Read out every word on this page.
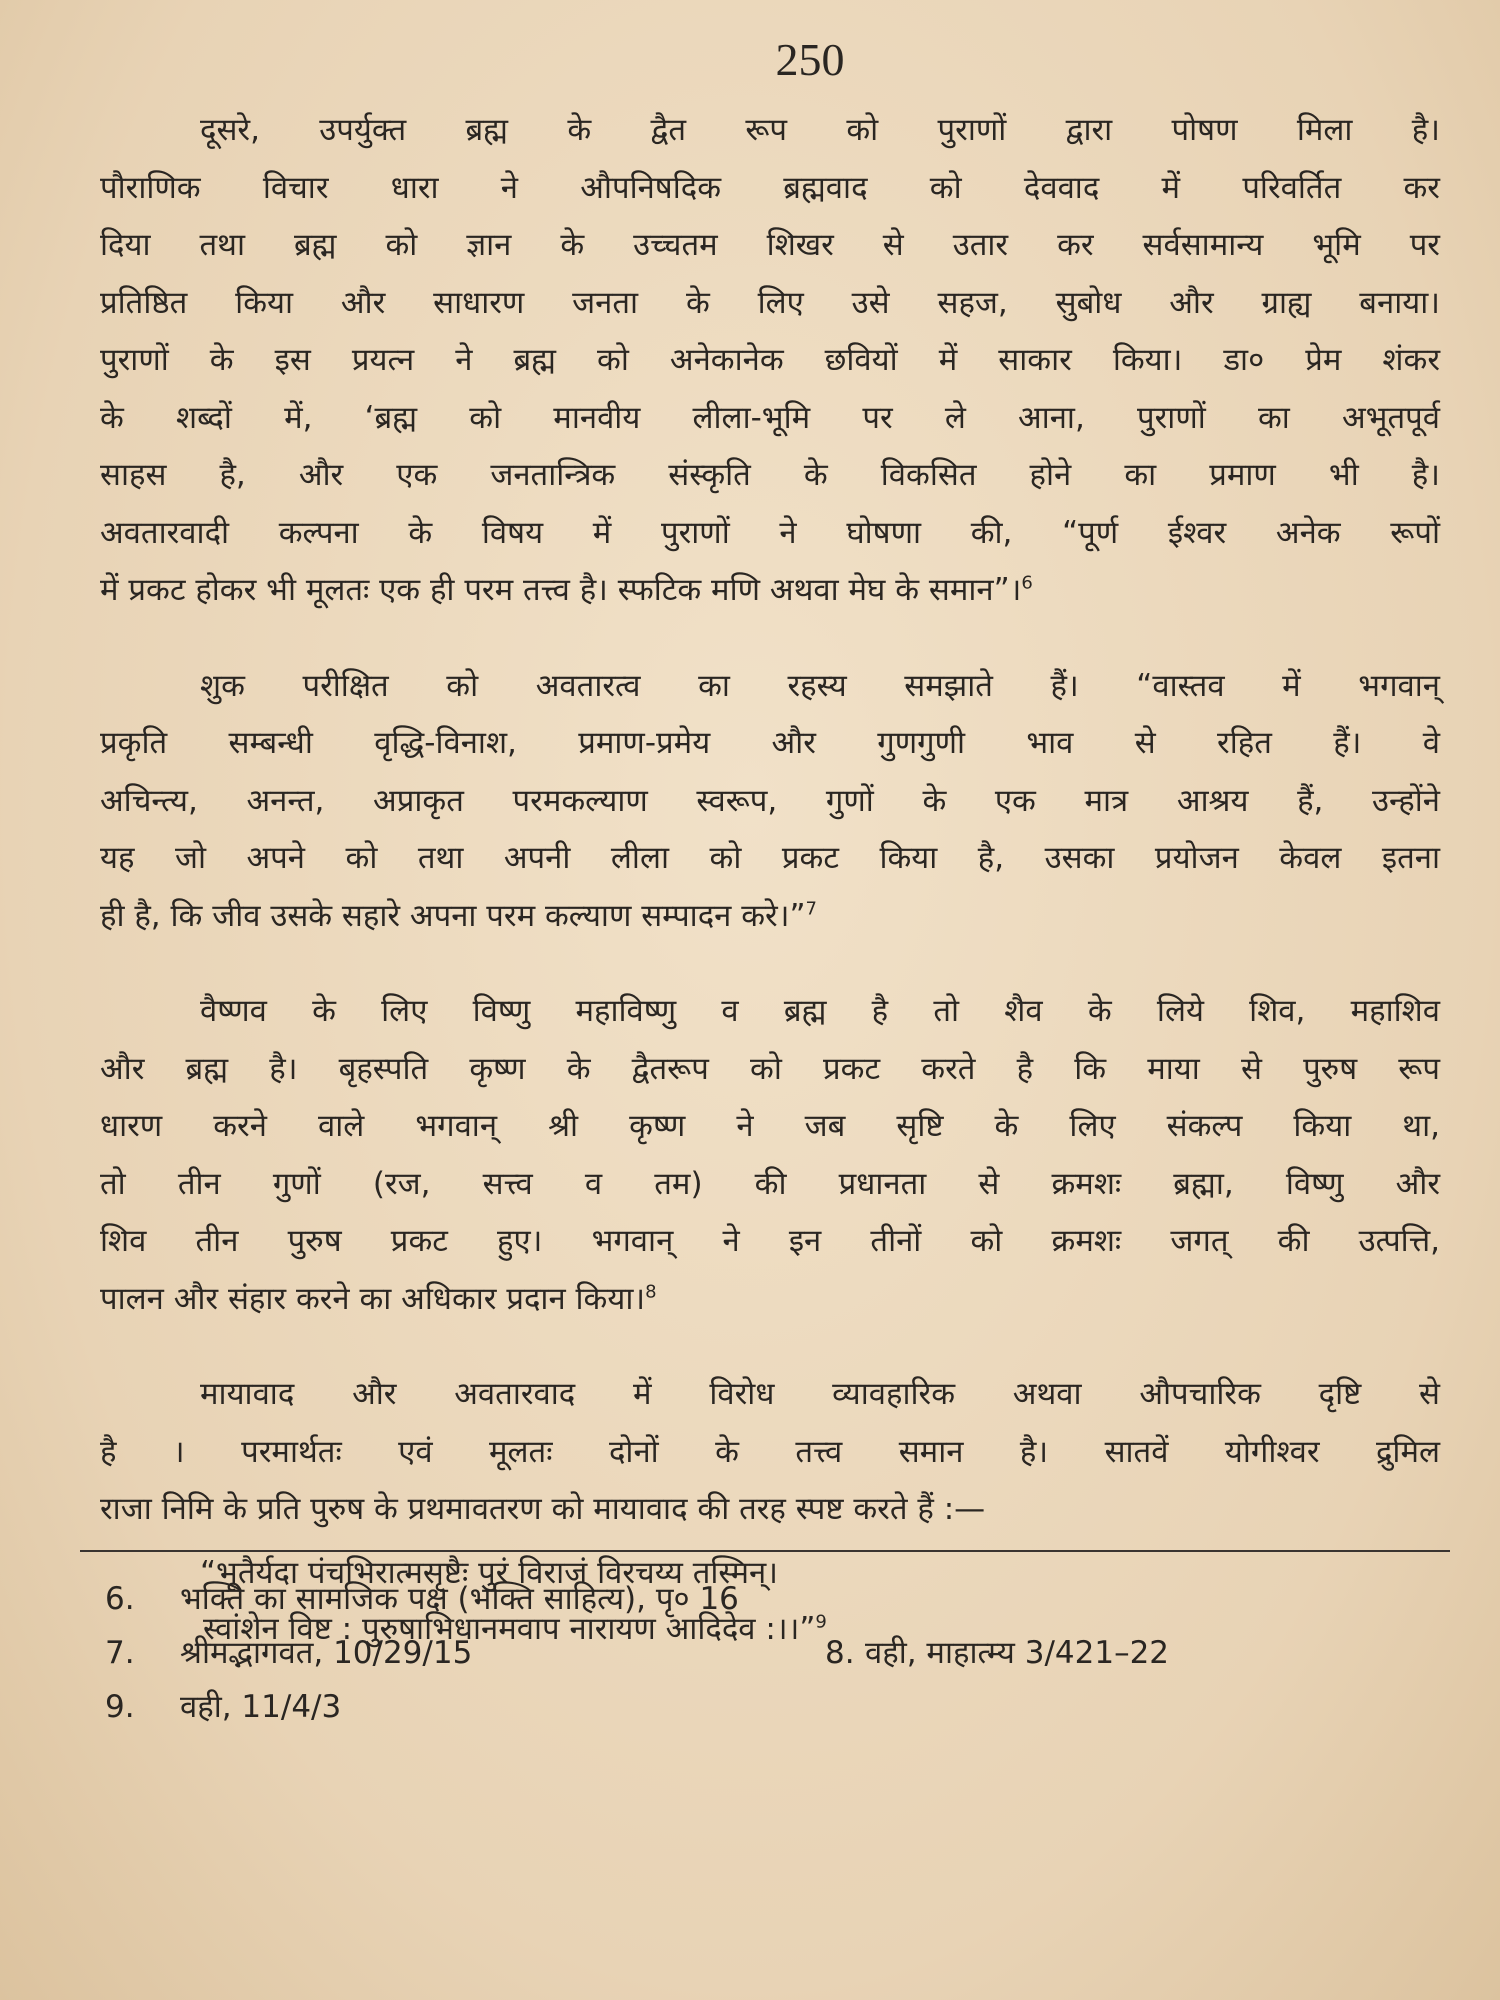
250

दूसरे, उपर्युक्त ब्रह्म के द्वैत रूप को पुराणों द्वारा पोषण मिला है।
पौराणिक विचार धारा ने औपनिषदिक ब्रह्मवाद को देववाद में परिवर्तित कर
दिया तथा ब्रह्म को ज्ञान के उच्चतम शिखर से उतार कर सर्वसामान्य भूमि पर
प्रतिष्ठित किया और साधारण जनता के लिए उसे सहज, सुबोध और ग्राह्य बनाया।
पुराणों के इस प्रयत्न ने ब्रह्म को अनेकानेक छवियों में साकार किया। डा० प्रेम शंकर
के शब्दों में, ‘ब्रह्म को मानवीय लीला-भूमि पर ले आना, पुराणों का अभूतपूर्व
साहस है, और एक जनतान्त्रिक संस्कृति के विकसित होने का प्रमाण भी है।
अवतारवादी कल्पना के विषय में पुराणों ने घोषणा की, “पूर्ण ईश्वर अनेक रूपों
में प्रकट होकर भी मूलतः एक ही परम तत्त्व है। स्फटिक मणि अथवा मेघ के समान”।$^6$

शुक परीक्षित को अवतारत्व का रहस्य समझाते हैं। “वास्तव में भगवान्
प्रकृति सम्बन्धी वृद्धि-विनाश, प्रमाण-प्रमेय और गुणगुणी भाव से रहित हैं। वे
अचिन्त्य, अनन्त, अप्राकृत परमकल्याण स्वरूप, गुणों के एक मात्र आश्रय हैं, उन्होंने
यह जो अपने को तथा अपनी लीला को प्रकट किया है, उसका प्रयोजन केवल इतना
ही है, कि जीव उसके सहारे अपना परम कल्याण सम्पादन करे।”$^7$

वैष्णव के लिए विष्णु महाविष्णु व ब्रह्म है तो शैव के लिये शिव, महाशिव
और ब्रह्म है। बृहस्पति कृष्ण के द्वैतरूप को प्रकट करते है कि माया से पुरुष रूप
धारण करने वाले भगवान् श्री कृष्ण ने जब सृष्टि के लिए संकल्प किया था,
तो तीन गुणों (रज, सत्त्व व तम) की प्रधानता से क्रमशः ब्रह्मा, विष्णु और
शिव तीन पुरुष प्रकट हुए। भगवान् ने इन तीनों को क्रमशः जगत् की उत्पत्ति,
पालन और संहार करने का अधिकार प्रदान किया।$^8$

मायावाद और अवतारवाद में विरोध व्यावहारिक अथवा औपचारिक दृष्टि से
है । परमार्थतः एवं मूलतः दोनों के तत्त्व समान है। सातवें योगीश्वर द्रुमिल
राजा निमि के प्रति पुरुष के प्रथमावतरण को मायावाद की तरह स्पष्ट करते हैं :—

“भूतैर्यदा पंचभिरात्मसृष्टैः पुरं विराजं विरचय्य तस्मिन्।
स्वांशेन विष्ट : पुरुषाभिधानमवाप नारायण आदिदेव :।।”$^9$
6. भक्ति का सामजिक पक्ष (भक्ति साहित्य), पृ० 16
7. श्रीमद्भागवत, 10/29/15	8. वही, माहात्म्य 3/421–22
9. वही, 11/4/3
